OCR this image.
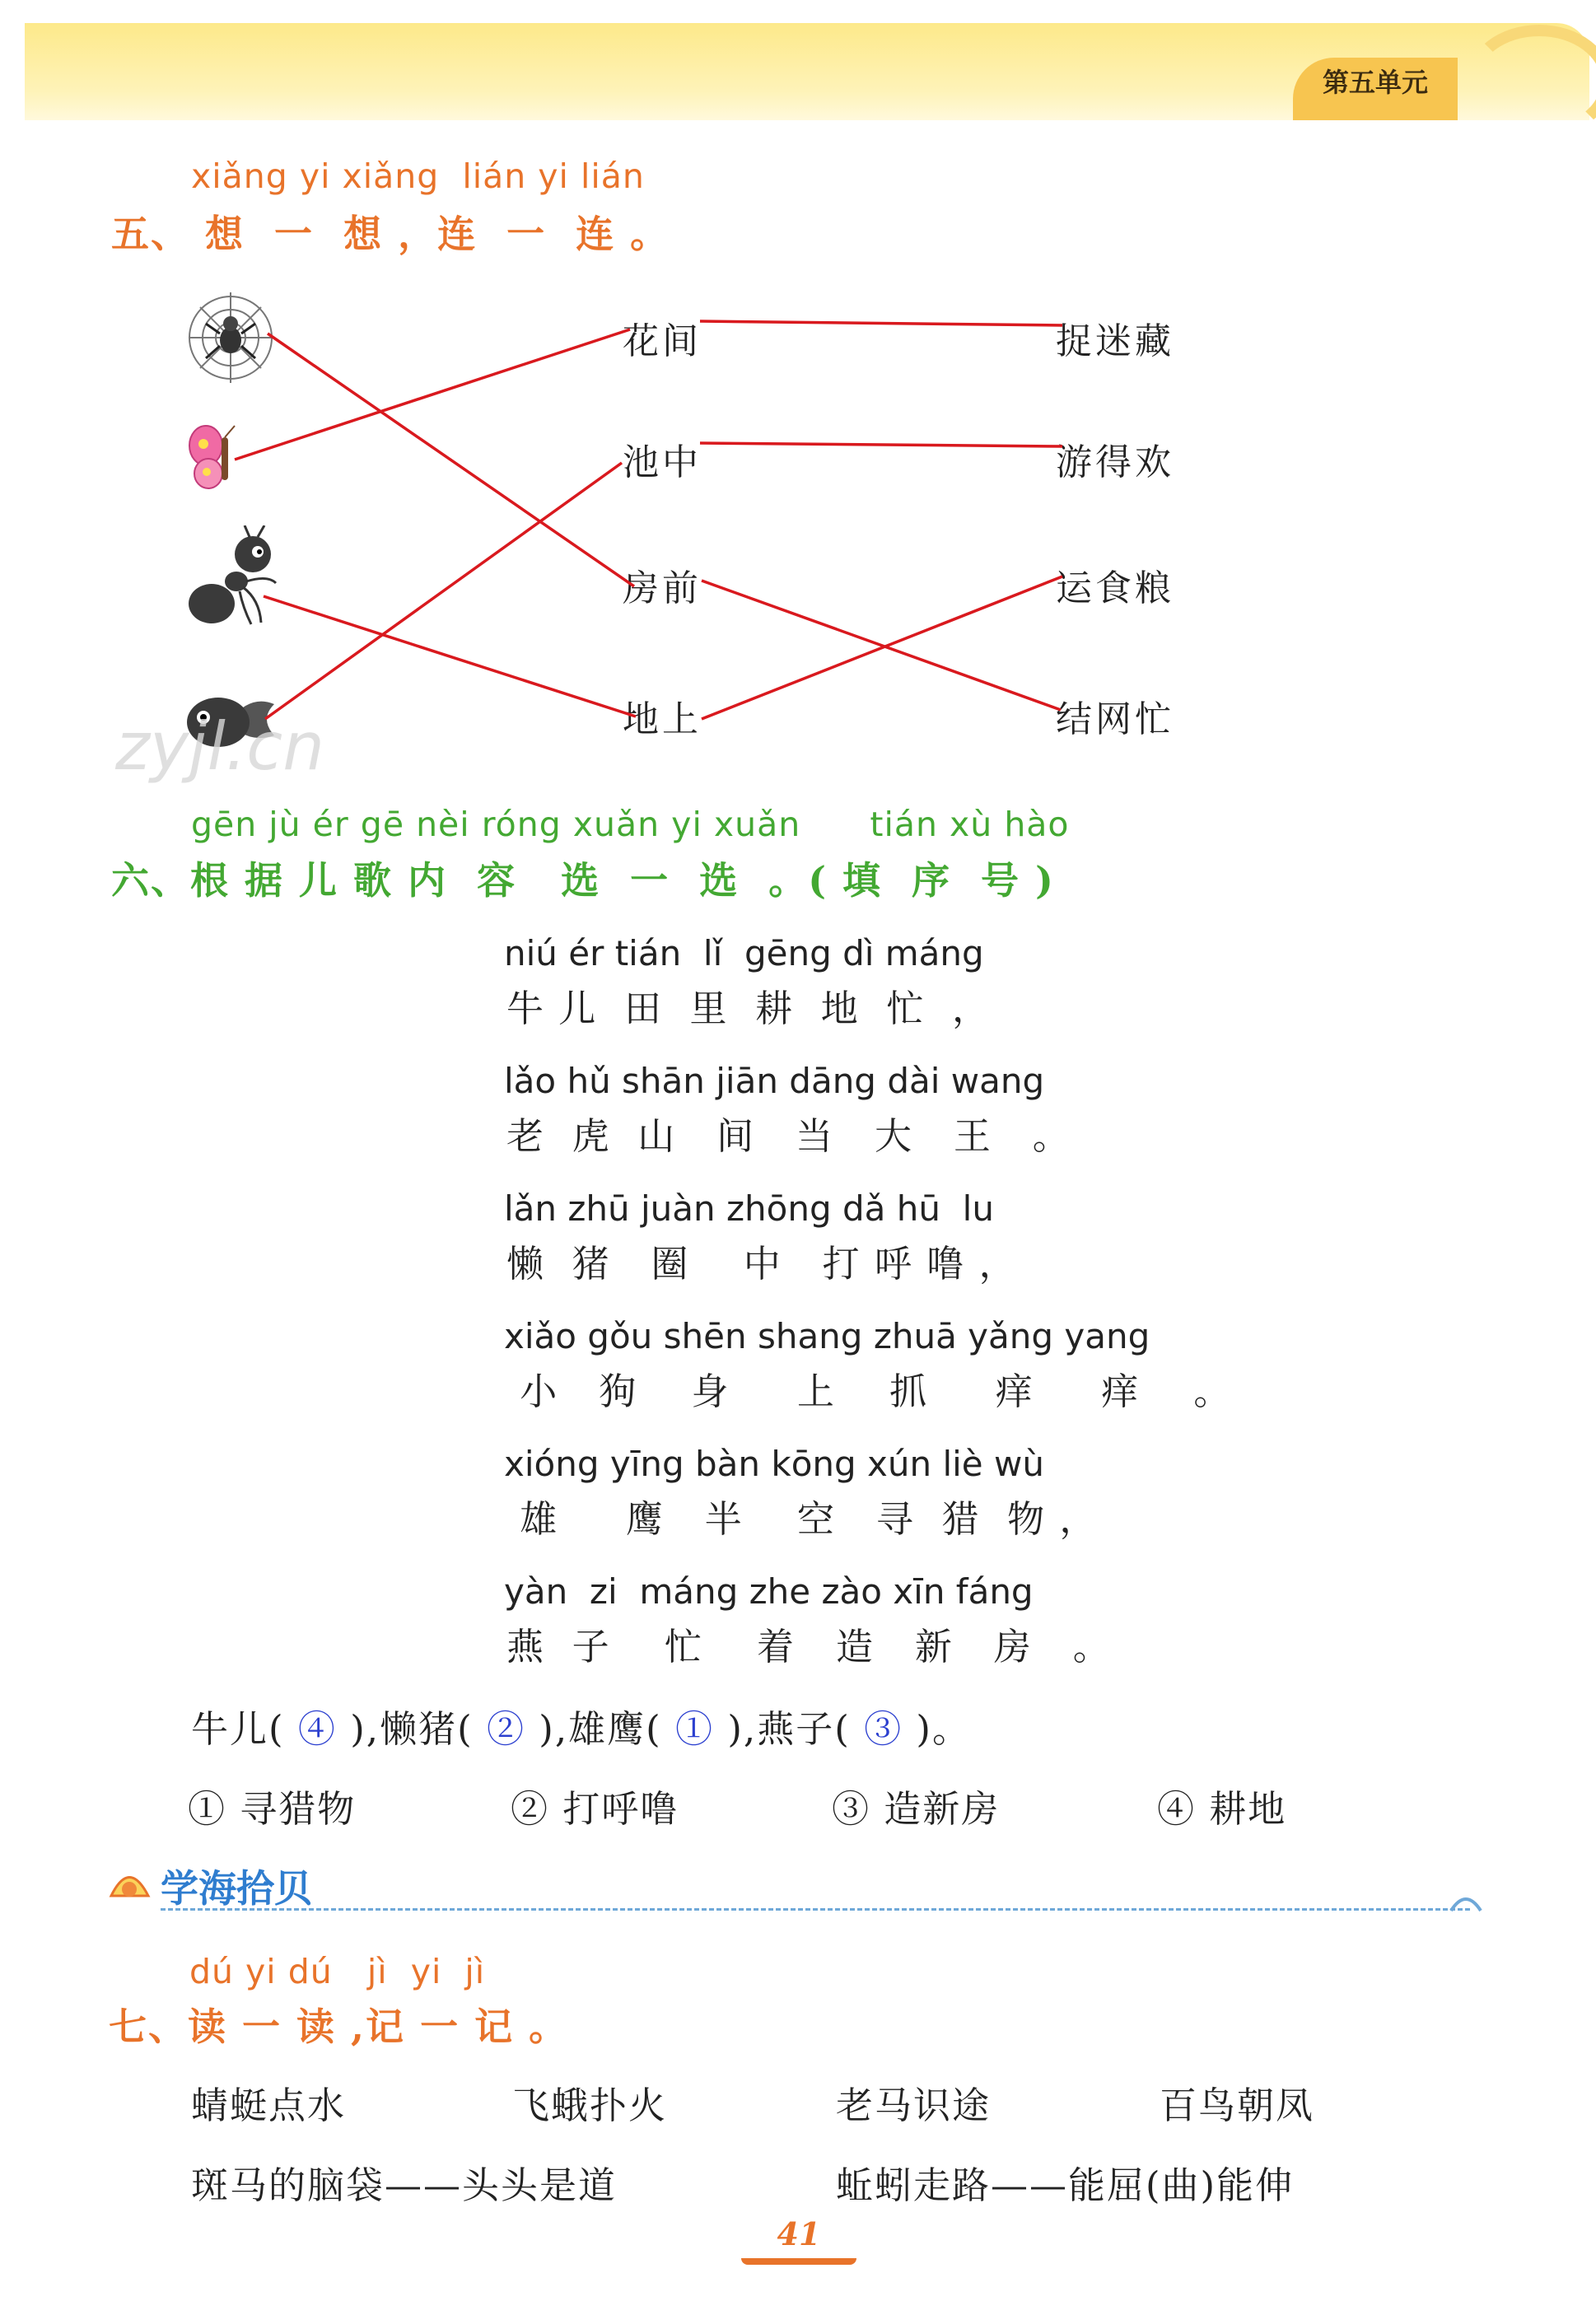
第五单元
xiǎng yi xiǎng  lián yi lián
五、 想  一  想 ，连  一  连 。
花间
池中
房前
地上
捉迷藏
游得欢
运食粮
结网忙
zyjl.cn
gēn jù ér gē nèi róng xuǎn yi xuǎn      tián xù hào
六、根 据 儿 歌 内  容   选  一  选  。( 填  序  号 )
niú ér tián  lǐ  gēng dì máng
牛 儿  田  里  耕  地  忙  ，
lǎo hǔ shān jiān dāng dài wang
老  虎  山   间   当   大   王   。
lǎn zhū juàn zhōng dǎ hū  lu
懒  猪   圈    中   打 呼 噜 ，
xiǎo gǒu shēn shang zhuā yǎng yang
小   狗    身     上    抓     痒     痒    。
xióng yīng bàn kōng xún liè wù
雄     鹰   半    空   寻  猎  物 ，
yàn  zi  máng zhe zào xīn fáng
燕  子    忙    着   造   新   房   。
牛儿( ④ ),懒猪( ② ),雄鹰( ① ),燕子( ③ )。
① 寻猎物	② 打呼噜	③ 造新房	④ 耕地
学海拾贝
dú yi dú   jì  yi  jì
七、读 一 读 ,记 一 记 。
蜻蜓点水	飞蛾扑火	老马识途	百鸟朝凤
斑马的脑袋——头头是道	蚯蚓走路——能屈(曲)能伸
41
